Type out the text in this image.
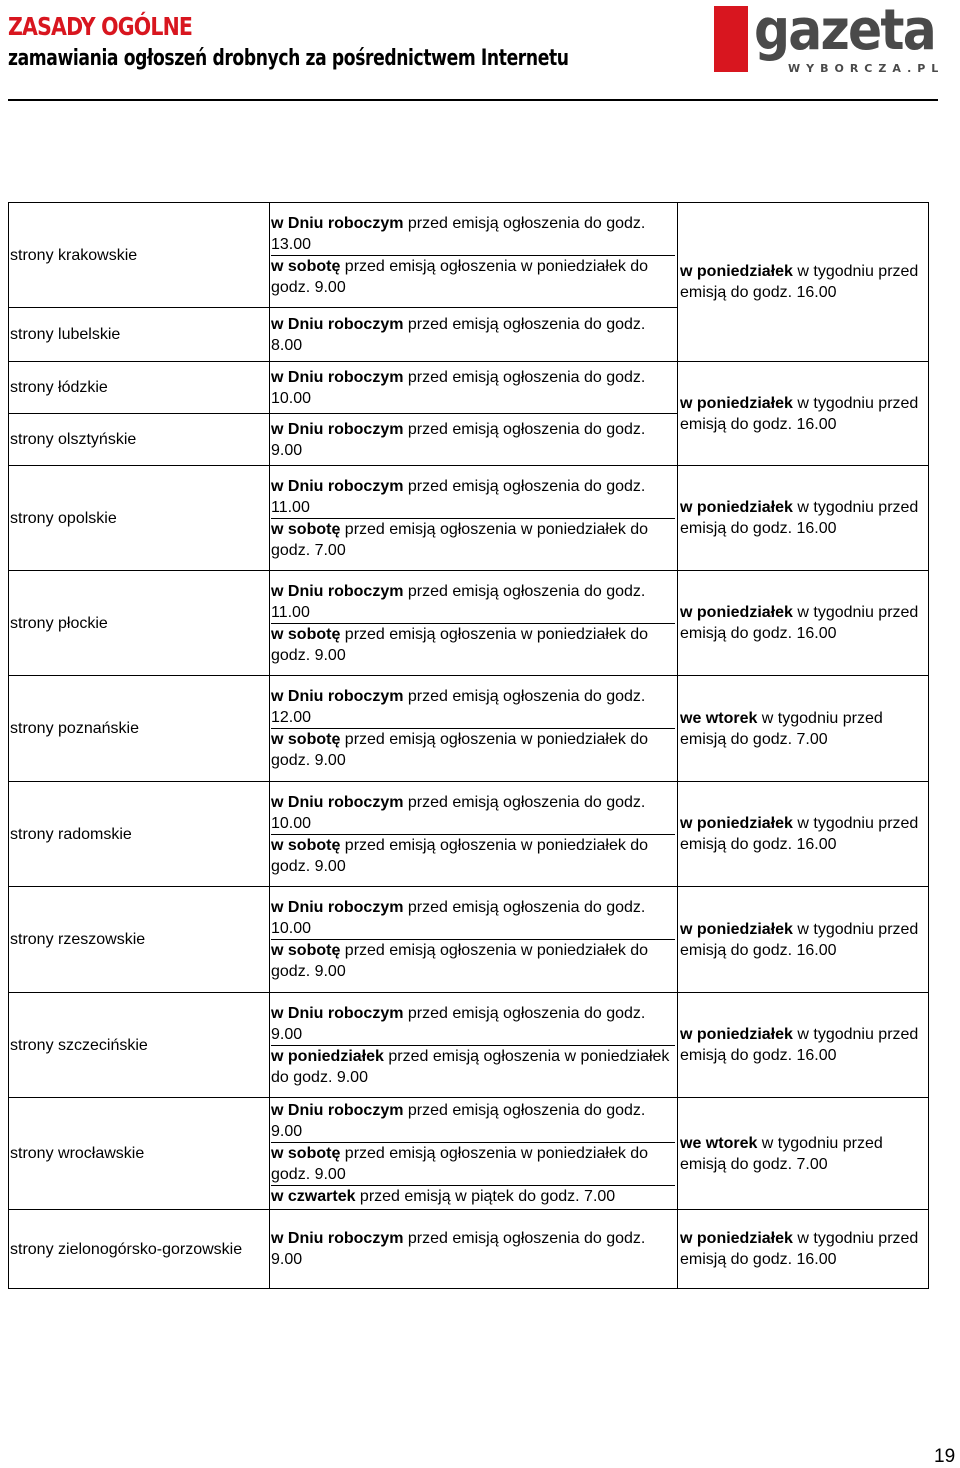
ZASADY OGÓLNE
zamawiania ogłoszeń drobnych za pośrednictwem Internetu	gazeta
WYBORCZA.PL
strony krakowskie	w Dniu roboczym przed emisją ogłoszenia do godz. 13.00
w sobotę przed emisją ogłoszenia w poniedziałek do godz. 9.00	w poniedziałek w tygodniu przed emisją do godz. 16.00
strony lubelskie	w Dniu roboczym przed emisją ogłoszenia do godz. 8.00	

strony łódzkie	w Dniu roboczym przed emisją ogłoszenia do godz. 10.00	w poniedziałek w tygodniu przed emisją do godz. 16.00
strony olsztyńskie	w Dniu roboczym przed emisją ogłoszenia do godz. 9.00	

strony opolskie	w Dniu roboczym przed emisją ogłoszenia do godz. 11.00
w sobotę przed emisją ogłoszenia w poniedziałek do godz. 7.00	w poniedziałek w tygodniu przed emisją do godz. 16.00
strony płockie	w Dniu roboczym przed emisją ogłoszenia do godz. 11.00
w sobotę przed emisją ogłoszenia w poniedziałek do godz. 9.00	w poniedziałek w tygodniu przed emisją do godz. 16.00
strony poznańskie	w Dniu roboczym przed emisją ogłoszenia do godz. 12.00
w sobotę przed emisją ogłoszenia w poniedziałek do godz. 9.00	we wtorek w tygodniu przed emisją do godz. 7.00
strony radomskie	w Dniu roboczym przed emisją ogłoszenia do godz. 10.00
w sobotę przed emisją ogłoszenia w poniedziałek do godz. 9.00	w poniedziałek w tygodniu przed emisją do godz. 16.00
strony rzeszowskie	w Dniu roboczym przed emisją ogłoszenia do godz. 10.00
w sobotę przed emisją ogłoszenia w poniedziałek do godz. 9.00	w poniedziałek w tygodniu przed emisją do godz. 16.00
strony szczecińskie	w Dniu roboczym przed emisją ogłoszenia do godz. 9.00
w poniedziałek przed emisją ogłoszenia w poniedziałek do godz. 9.00	w poniedziałek w tygodniu przed emisją do godz. 16.00
strony wrocławskie	w Dniu roboczym przed emisją ogłoszenia do godz. 9.00
w sobotę przed emisją ogłoszenia w poniedziałek do godz. 9.00
w czwartek przed emisją w piątek do godz. 7.00	we wtorek w tygodniu przed emisją do godz. 7.00
strony zielonogórsko-gorzowskie	w Dniu roboczym przed emisją ogłoszenia do godz. 9.00	w poniedziałek w tygodniu przed emisją do godz. 16.00
19
